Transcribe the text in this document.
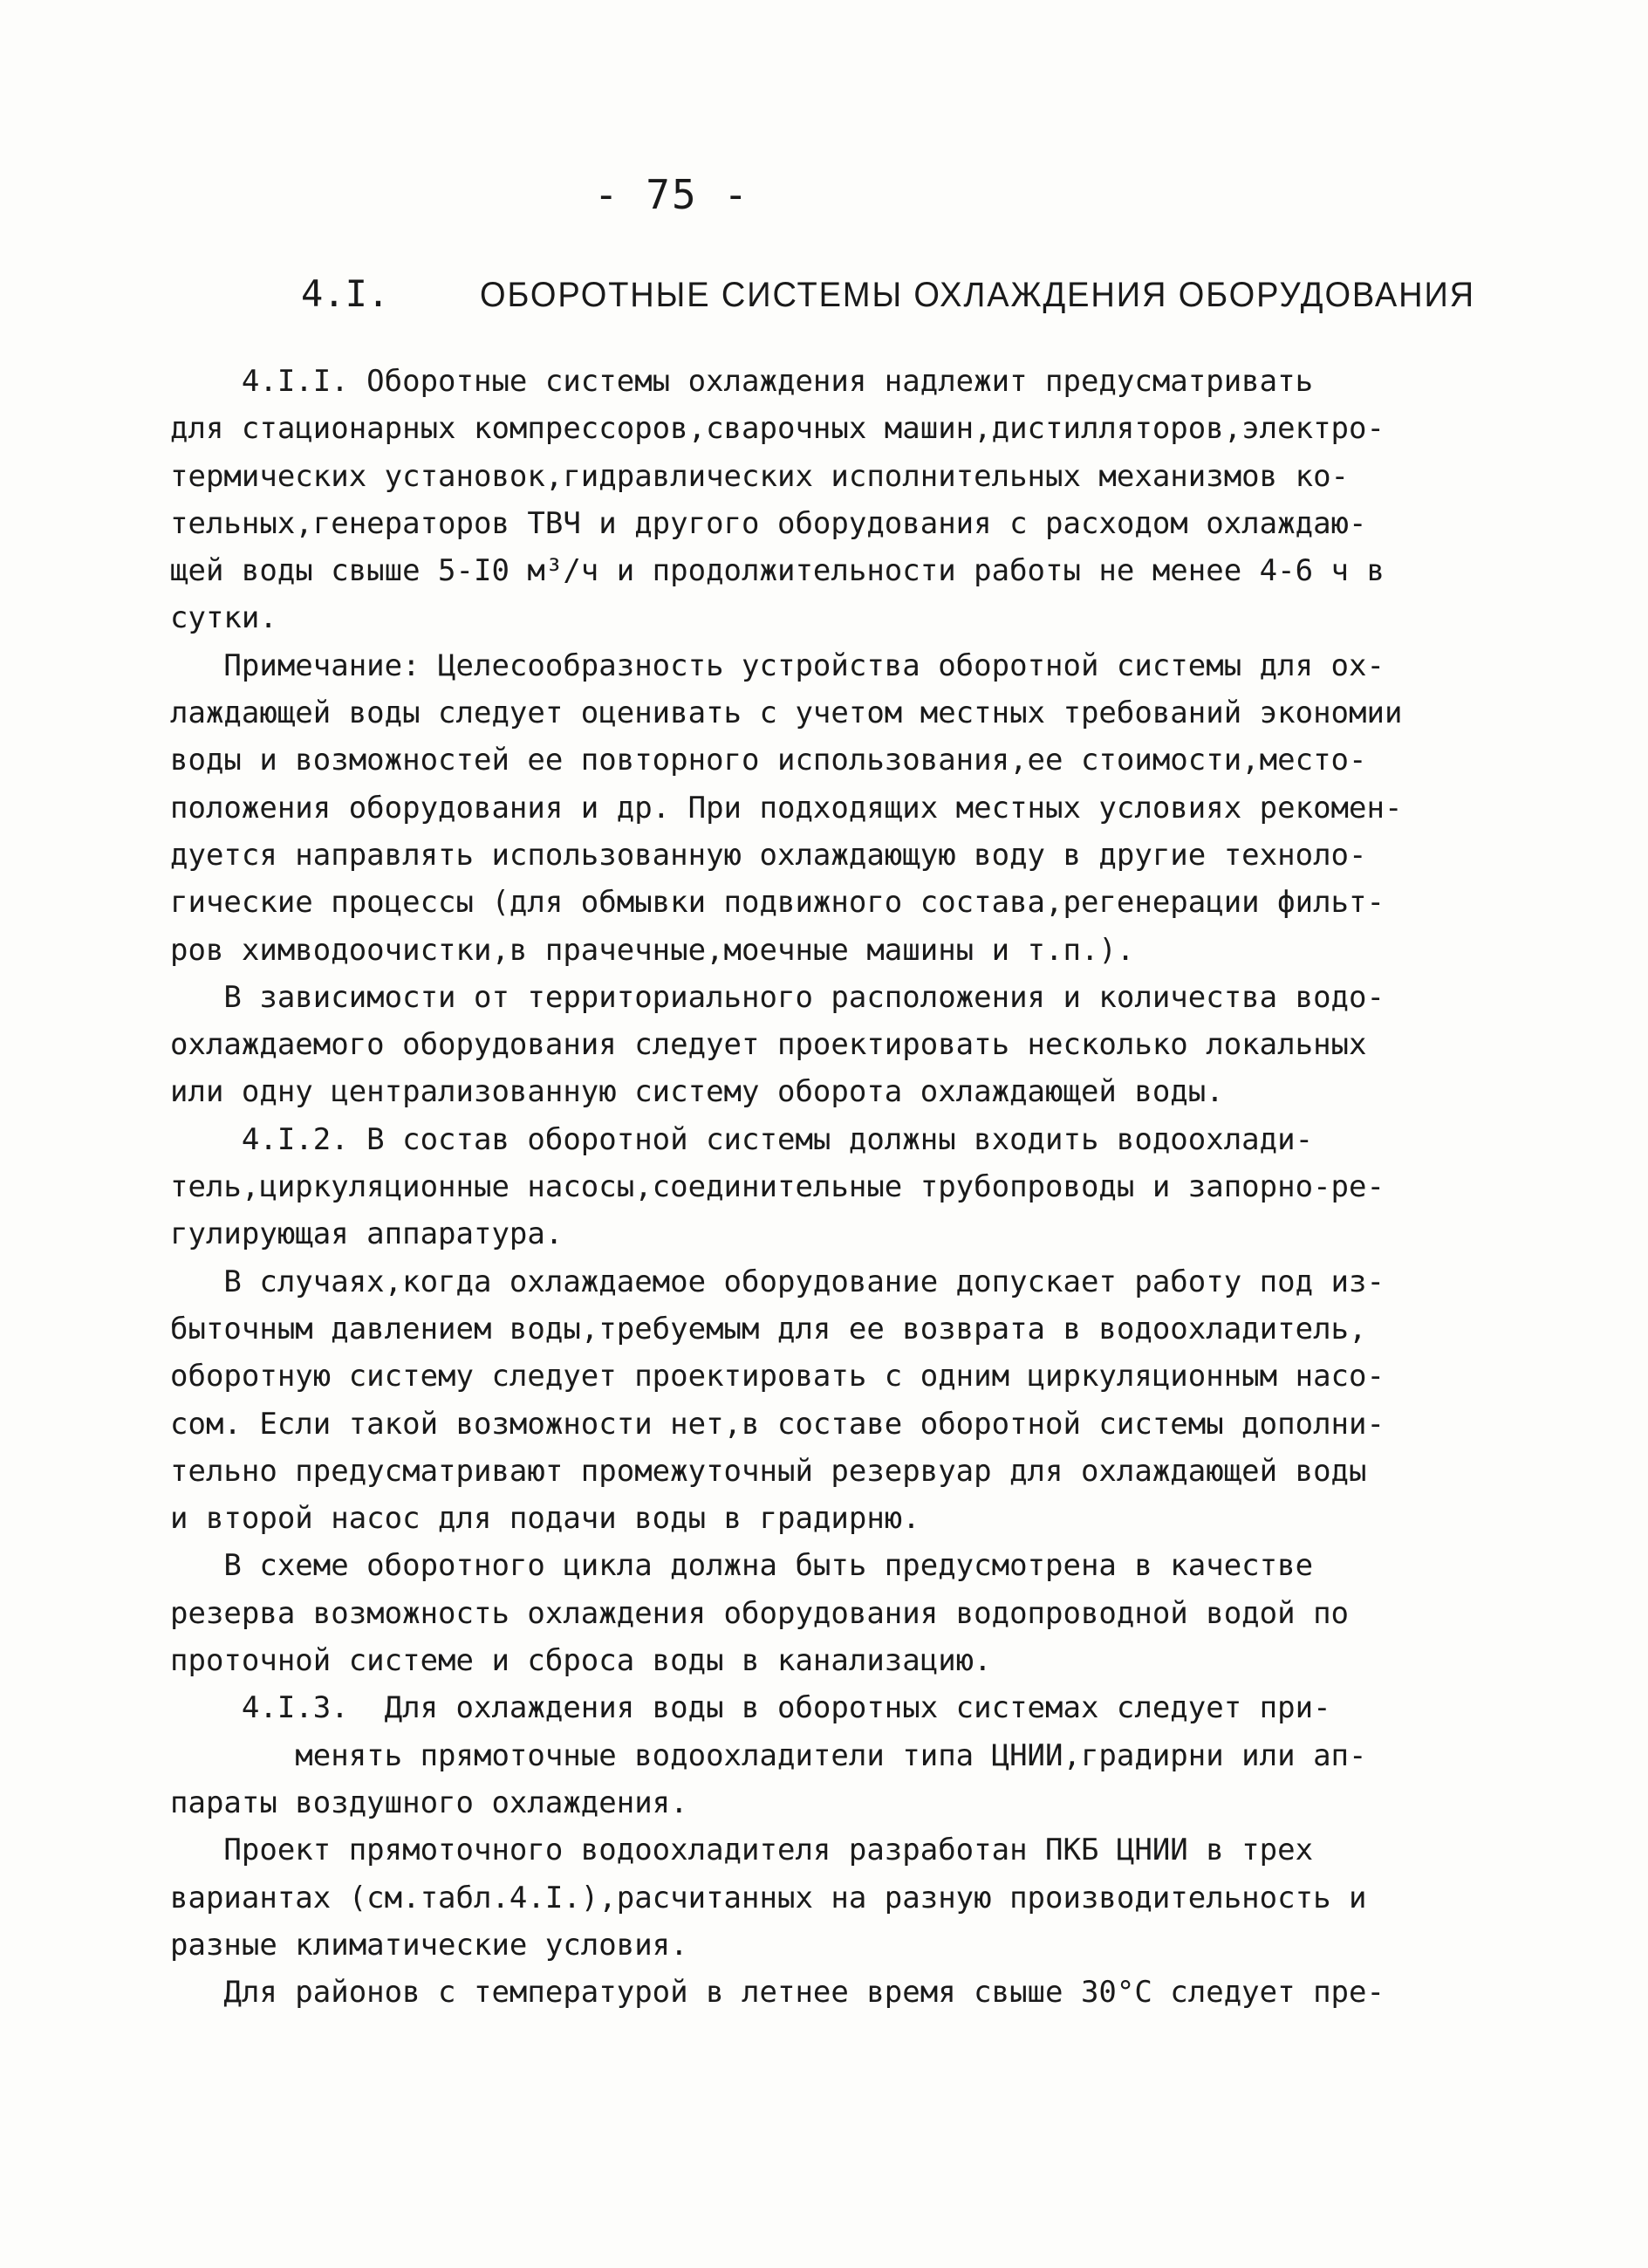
- 75 -
4.I.	ОБОРОТНЫЕ СИСТЕМЫ ОХЛАЖДЕНИЯ ОБОРУДОВАНИЯ
4.I.I. Оборотные системы охлаждения надлежит предусматривать
для стационарных компрессоров,сварочных машин,дистилляторов,электро-
термических установок,гидравлических исполнительных механизмов ко-
тельных,генераторов ТВЧ и другого оборудования с расходом охлаждаю-
щей воды свыше 5-I0 м³/ч и продолжительности работы не менее 4-6 ч в
сутки.
Примечание: Целесообразность устройства оборотной системы для ох-
лаждающей воды следует оценивать с учетом местных требований экономии
воды и возможностей ее повторного использования,ее стоимости,место-
положения оборудования и др. При подходящих местных условиях рекомен-
дуется направлять использованную охлаждающую воду в другие техноло-
гические процессы (для обмывки подвижного состава,регенерации фильт-
ров химводоочистки,в прачечные,моечные машины и т.п.).
В зависимости от территориального расположения и количества водо-
охлаждаемого оборудования следует проектировать несколько локальных
или одну централизованную систему оборота охлаждающей воды.
4.I.2. В состав оборотной системы должны входить водоохлади-
тель,циркуляционные насосы,соединительные трубопроводы и запорно-ре-
гулирующая аппаратура.
В случаях,когда охлаждаемое оборудование допускает работу под из-
быточным давлением воды,требуемым для ее возврата в водоохладитель,
оборотную систему следует проектировать с одним циркуляционным насо-
сом. Если такой возможности нет,в составе оборотной системы дополни-
тельно предусматривают промежуточный резервуар для охлаждающей воды
и второй насос для подачи воды в градирню.
В схеме оборотного цикла должна быть предусмотрена в качестве
резерва возможность охлаждения оборудования водопроводной водой по
проточной системе и сброса воды в канализацию.
4.I.3.  Для охлаждения воды в оборотных системах следует при-
менять прямоточные водоохладители типа ЦНИИ,градирни или ап-
параты воздушного охлаждения.
Проект прямоточного водоохладителя разработан ПКБ ЦНИИ в трех
вариантах (см.табл.4.I.),расчитанных на разную производительность и
разные климатические условия.
Для районов с температурой в летнее время свыше 30°С следует пре-
